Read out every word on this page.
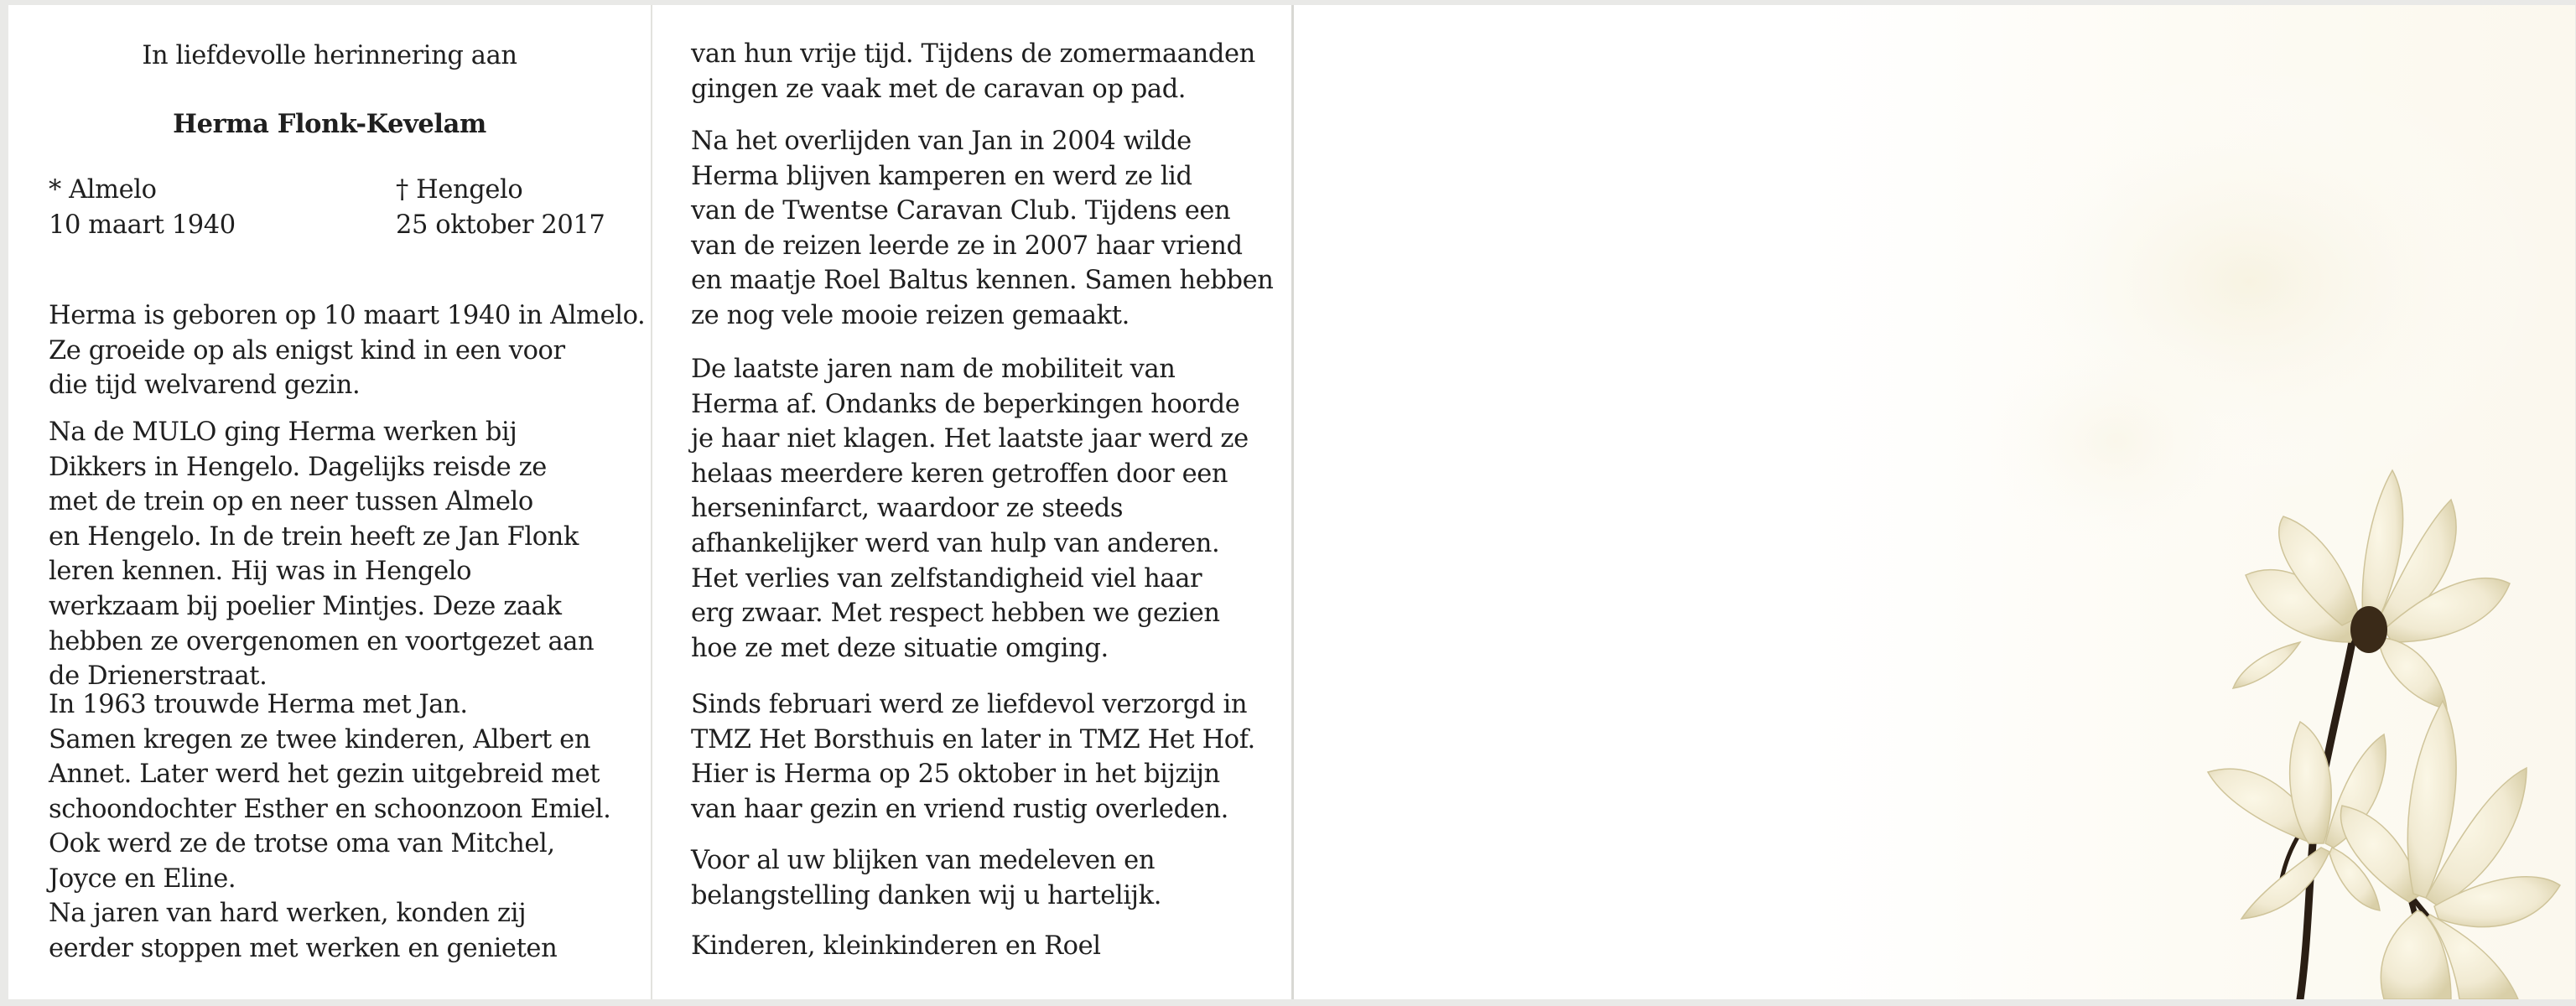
In liefdevolle herinnering aan
Herma Flonk-Kevelam
* Almelo
10 maart 1940
† Hengelo
25 oktober 2017

Herma is geboren op 10 maart 1940 in Almelo.
Ze groeide op als enigst kind in een voor
die tijd welvarend gezin.

Na de MULO ging Herma werken bij
Dikkers in Hengelo. Dagelijks reisde ze
met de trein op en neer tussen Almelo
en Hengelo. In de trein heeft ze Jan Flonk
leren kennen. Hij was in Hengelo
werkzaam bij poelier Mintjes. Deze zaak
hebben ze overgenomen en voortgezet aan
de Drienerstraat.

In 1963 trouwde Herma met Jan.
Samen kregen ze twee kinderen, Albert en
Annet. Later werd het gezin uitgebreid met
schoondochter Esther en schoonzoon Emiel.
Ook werd ze de trotse oma van Mitchel,
Joyce en Eline.

Na jaren van hard werken, konden zij
eerder stoppen met werken en genieten

van hun vrije tijd. Tijdens de zomermaanden
gingen ze vaak met de caravan op pad.

Na het overlijden van Jan in 2004 wilde
Herma blijven kamperen en werd ze lid
van de Twentse Caravan Club. Tijdens een
van de reizen leerde ze in 2007 haar vriend
en maatje Roel Baltus kennen. Samen hebben
ze nog vele mooie reizen gemaakt.

De laatste jaren nam de mobiliteit van
Herma af. Ondanks de beperkingen hoorde
je haar niet klagen. Het laatste jaar werd ze
helaas meerdere keren getroffen door een
herseninfarct, waardoor ze steeds
afhankelijker werd van hulp van anderen.
Het verlies van zelfstandigheid viel haar
erg zwaar. Met respect hebben we gezien
hoe ze met deze situatie omging.

Sinds februari werd ze liefdevol verzorgd in
TMZ Het Borsthuis en later in TMZ Het Hof.
Hier is Herma op 25 oktober in het bijzijn
van haar gezin en vriend rustig overleden.

Voor al uw blijken van medeleven en
belangstelling danken wij u hartelijk.

Kinderen, kleinkinderen en Roel
